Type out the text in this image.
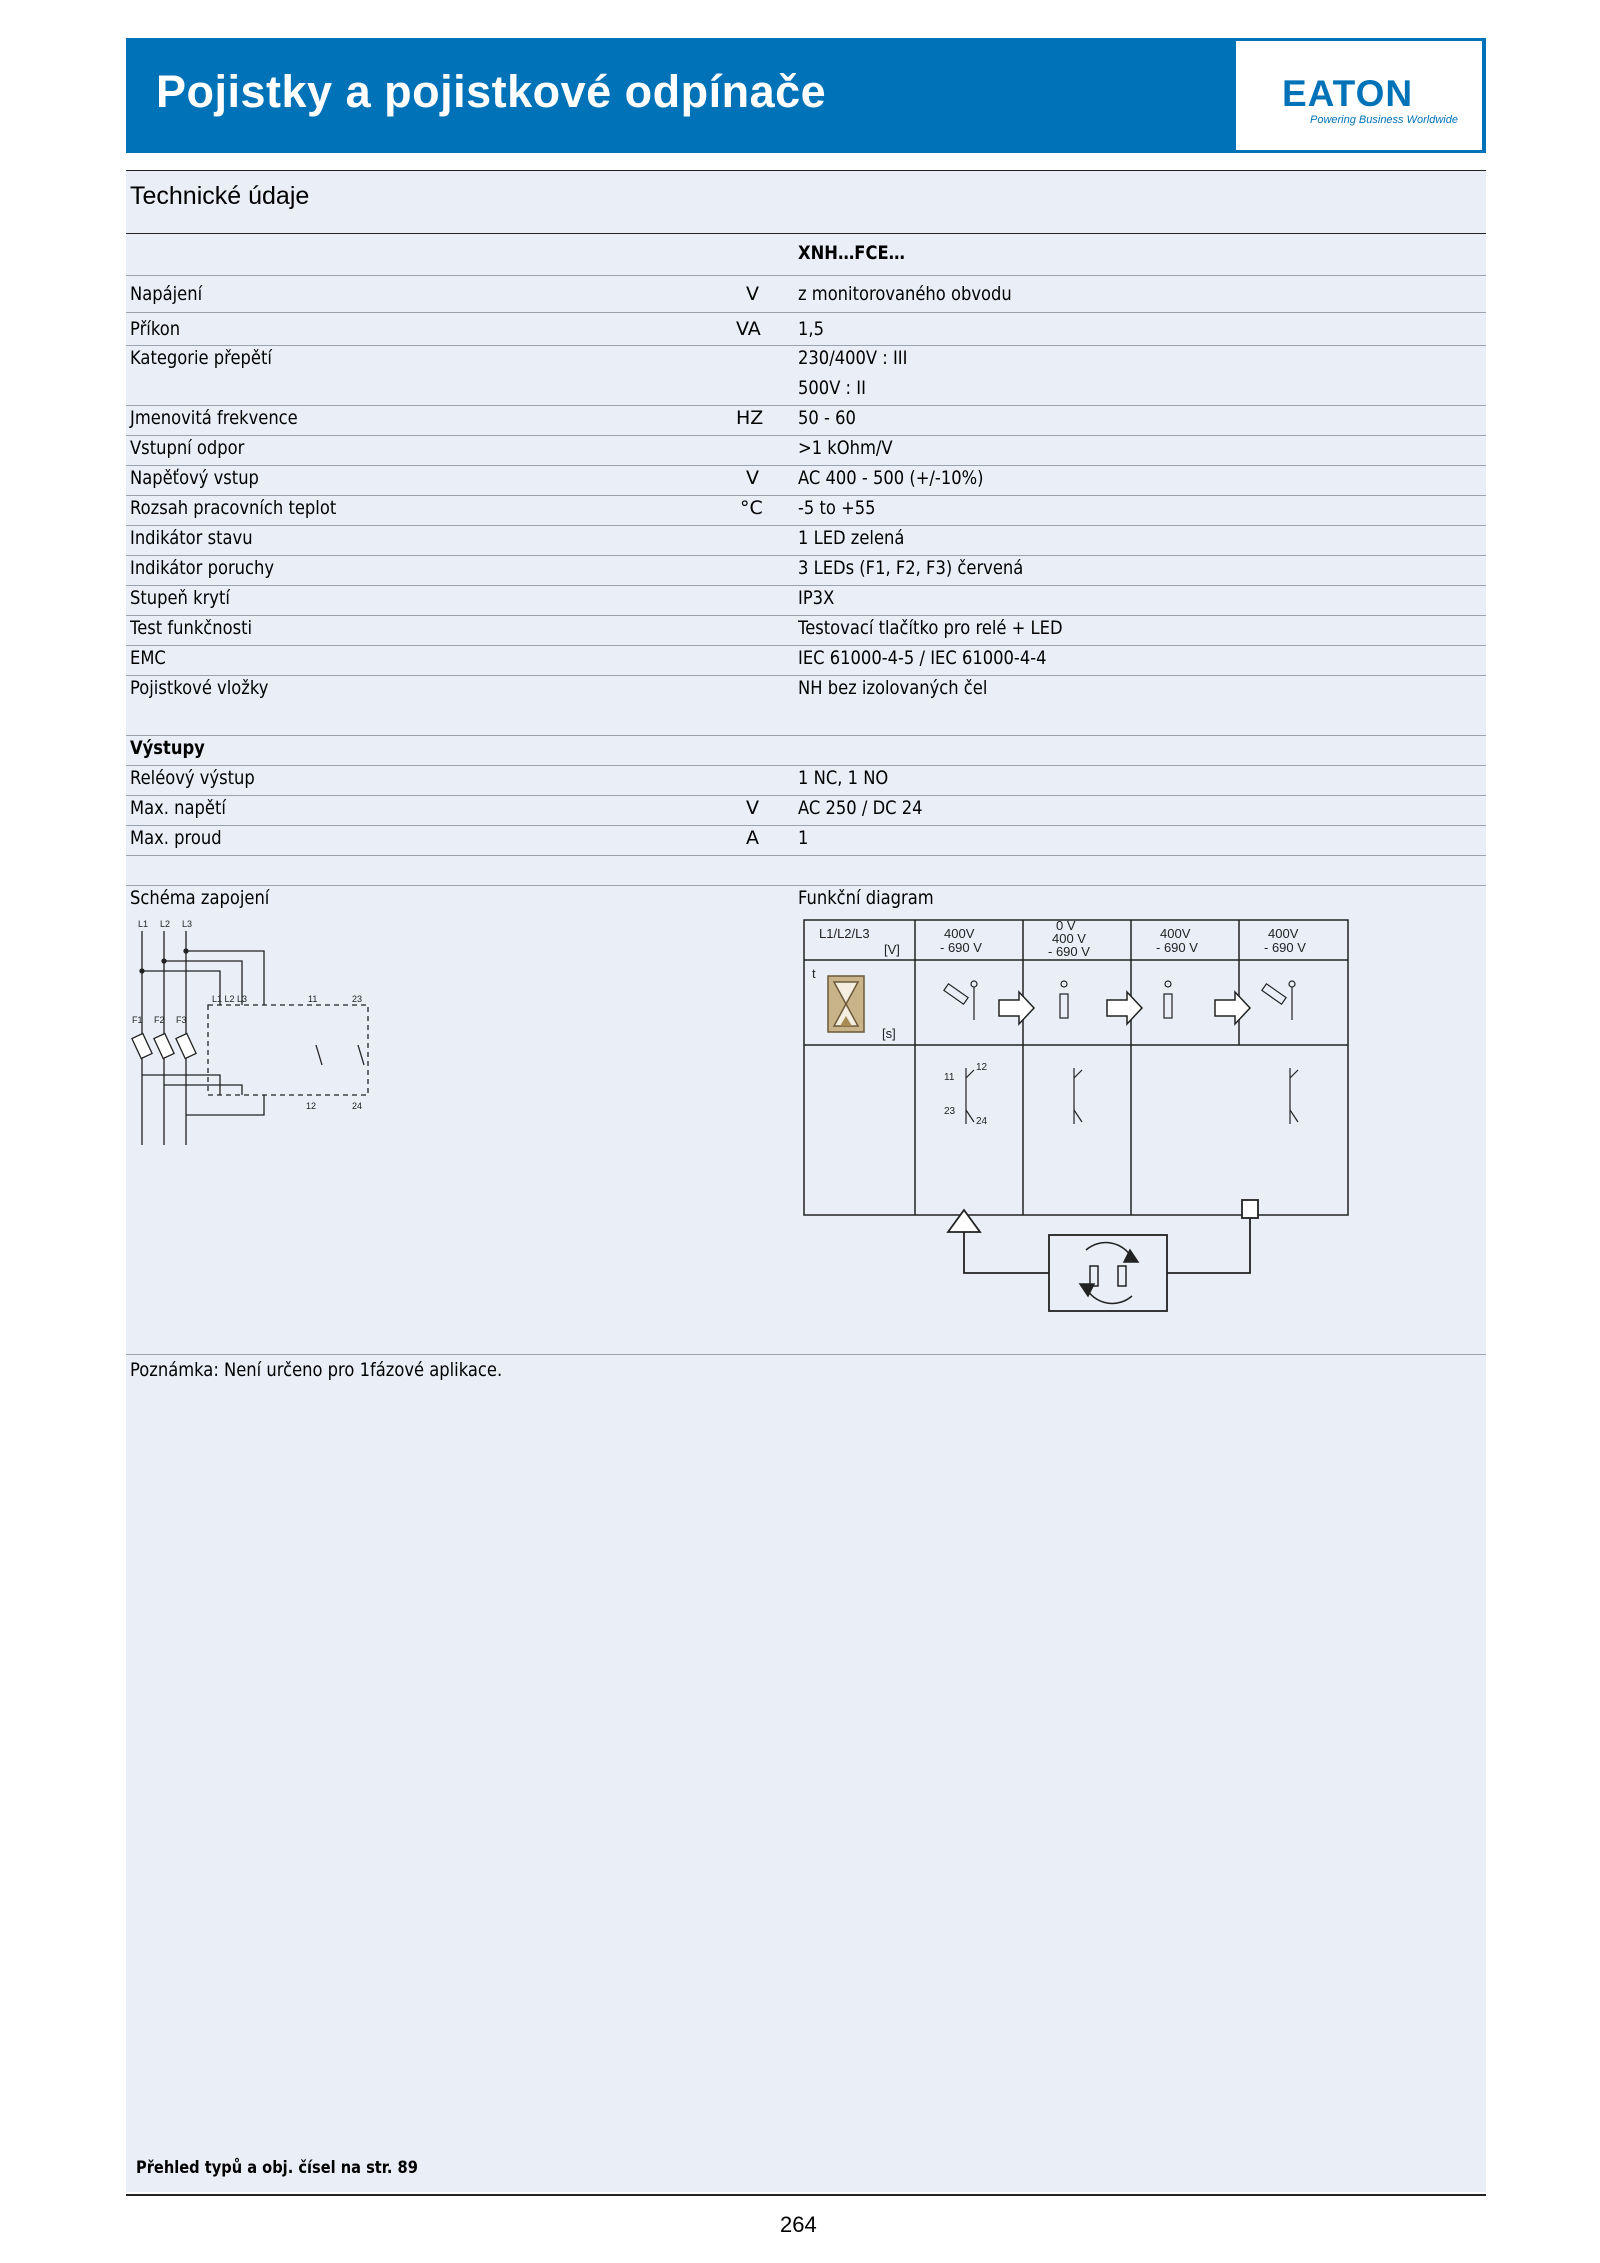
Pojistky a pojistkové odpínače	EATON
Powering Business Worldwide
Technické údaje
XNH…FCE…
Napájení	V z monitorovaného obvodu
Příkon	VA 1,5
Kategorie přepětí	230/400V : III
500V : II
Jmenovitá frekvence	HZ 50 - 60
Vstupní odpor	>1 kOhm/V
Napěťový vstup	V AC 400 - 500 (+/-10%)
Rozsah pracovních teplot	°C -5 to +55
Indikátor stavu	1 LED zelená
Indikátor poruchy	3 LEDs (F1, F2, F3) červená
Stupeň krytí	IP3X
Test funkčnosti	Testovací tlačítko pro relé + LED
EMC	IEC 61000-4-5 / IEC 61000-4-4
Pojistkové vložky	NH bez izolovaných čel
Výstupy
Reléový výstup	1 NC, 1 NO
Max. napětí	V AC 250 / DC 24
Max. proud	A 1
Schéma zapojení	Funkční diagram
L1 L2 L3
L1 L2 L3	11	23
12	24
F1 F2 F3
L1/L2/L3
[V]
400V
- 690 V
0 V
400 V
- 690 V
400V
- 690 V
400V
- 690 V
t
[s]
11
12
23
24
Poznámka: Není určeno pro 1fázové aplikace.
Přehled typů a obj. čísel na str. 89
264
